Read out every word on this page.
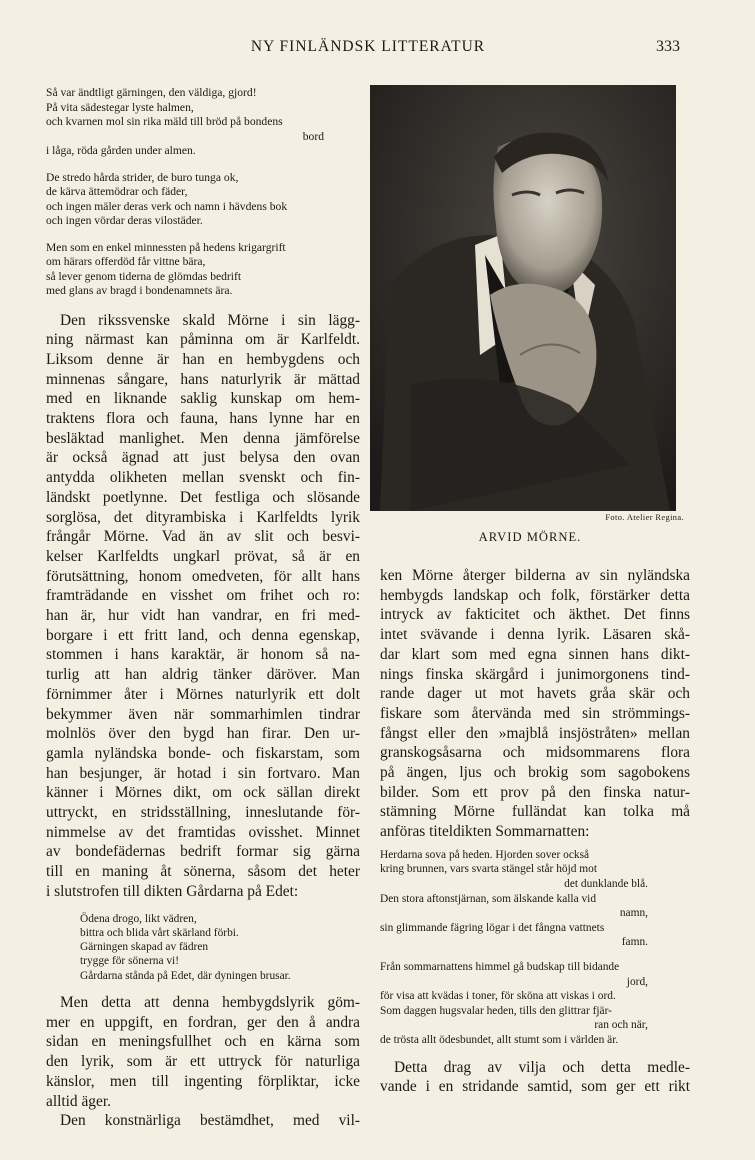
NY FINLÄNDSK LITTERATUR	333
Så var ändtligt gärningen, den väldiga, gjord!
På vita sädestegar lyste halmen,
och kvarnen mol sin rika mäld till bröd på bondens
bord
i låga, röda gården under almen.
De stredo hårda strider, de buro tunga ok,
de kärva ättemödrar och fäder,
och ingen mäler deras verk och namn i hävdens bok
och ingen vördar deras vilostäder.
Men som en enkel minnessten på hedens krigargrift
om härars offerdöd får vittne bära,
så lever genom tiderna de glömdas bedrift
med glans av bragd i bondenamnets ära.
Den rikssvenske skald Mörne i sin lägg-
ning närmast kan påminna om är Karlfeldt.
Liksom denne är han en hembygdens och
minnenas sångare, hans naturlyrik är mättad
med en liknande saklig kunskap om hem-
traktens flora och fauna, hans lynne har en
besläktad manlighet. Men denna jämförelse
är också ägnad att just belysa den ovan
antydda olikheten mellan svenskt och fin-
ländskt poetlynne. Det festliga och slösande
sorglösa, det dityrambiska i Karlfeldts lyrik
frångår Mörne. Vad än av slit och besvi-
kelser Karlfeldts ungkarl prövat, så är en
förutsättning, honom omedveten, för allt hans
framträdande en visshet om frihet och ro:
han är, hur vidt han vandrar, en fri med-
borgare i ett fritt land, och denna egenskap,
stommen i hans karaktär, är honom så na-
turlig att han aldrig tänker däröver. Man
förnimmer åter i Mörnes naturlyrik ett dolt
bekymmer även när sommarhimlen tindrar
molnlös över den bygd han firar. Den ur-
gamla nyländska bonde- och fiskarstam, som
han besjunger, är hotad i sin fortvaro. Man
känner i Mörnes dikt, om ock sällan direkt
uttryckt, en stridsställning, inneslutande för-
nimmelse av det framtidas ovisshet. Minnet
av bondefädernas bedrift formar sig gärna
till en maning åt sönerna, såsom det heter
i slutstrofen till dikten Gårdarna på Edet:
Ödena drogo, likt vädren,
bittra och blida vårt skärland förbi.
Gärningen skapad av fädren
trygge för sönerna vi!
Gårdarna stånda på Edet, där dyningen brusar.
Men detta att denna hembygdslyrik göm-
mer en uppgift, en fordran, ger den å andra
sidan en meningsfullhet och en kärna som
den lyrik, som är ett uttryck för naturliga
känslor, men till ingenting förpliktar, icke
alltid äger.
Den konstnärliga bestämdhet, med vil-
Foto. Atelier Regina.
ARVID MÖRNE.
ken Mörne återger bilderna av sin nyländska
hembygds landskap och folk, förstärker detta
intryck av fakticitet och äkthet. Det finns
intet svävande i denna lyrik. Läsaren skå-
dar klart som med egna sinnen hans dikt-
nings finska skärgård i junimorgonens tind-
rande dager ut mot havets gråa skär och
fiskare som återvända med sin strömmings-
fångst eller den »majblå insjöstråten» mellan
granskogsåsarna och midsommarens flora
på ängen, ljus och brokig som sagobokens
bilder. Som ett prov på den finska natur-
stämning Mörne fulländat kan tolka må
anföras titeldikten Sommarnatten:
Herdarna sova på heden. Hjorden sover också
kring brunnen, vars svarta stängel står höjd mot
det dunklande blå.
Den stora aftonstjärnan, som älskande kalla vid
namn,
sin glimmande fägring lögar i det fångna vattnets
famn.
Från sommarnattens himmel gå budskap till bidande
jord,
för visa att kvädas i toner, för sköna att viskas i ord.
Som daggen hugsvalar heden, tills den glittrar fjär-
ran och när,
de trösta allt ödesbundet, allt stumt som i världen är.
Detta drag av vilja och detta medle-
vande i en stridande samtid, som ger ett rikt
